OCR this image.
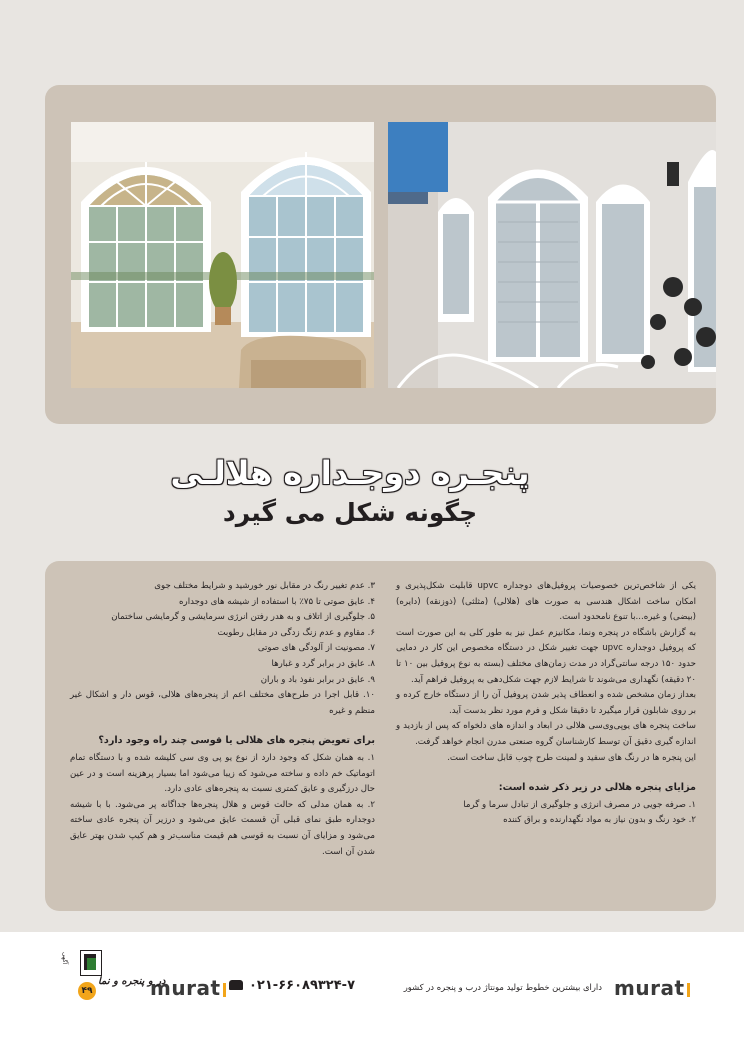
پنجـره دوجـداره هلالـی
چگونه شکل می گیرد

یکی از شاخص‌ترین خصوصیات پروفیل‌های دوجداره upvc قابلیت شکل‌پذیری و امکان ساخت اشکال هندسی به صورت های (هلالی) (مثلثی) (ذوزنقه) (دایره) (بیضی) و غیره...با تنوع نامحدود است.

به گزارش باشگاه در پنجره ونما، مکانیزم عمل نیز به طور کلی به این صورت است که پروفیل دوجداره upvc جهت تغییر شکل در دستگاه مخصوص این کار در دمایی حدود ۱۵۰ درجه سانتی‌گراد در مدت زمان‌های مختلف (بسته به نوع پروفیل بین ۱۰ تا ۲۰ دقیقه) نگهداری می‌شوند تا شرایط لازم جهت شکل‌دهی به پروفیل فراهم آید.

بعداز زمان مشخص شده و انعطاف پذیر شدن پروفیل آن را از دستگاه خارج کرده و بر روی شابلون قرار میگیرد تا دقیقا شکل و فرم مورد نظر بدست آید.

ساخت پنجره های یوپی‌وی‌سی هلالی در ابعاد و اندازه های دلخواه که پس از بازدید و اندازه گیری دقیق آن توسط کارشناسان گروه صنعتی مدرن انجام خواهد گرفت.

این پنجره ها در رنگ های سفید و لمینت طرح چوب قابل ساخت است.

مزایای پنجره هلالی در زیر ذکر شده است:

۱. صرفه جویی در مصرف انرژی و جلوگیری از تبادل سرما و گرما

۲. خود رنگ و بدون نیاز به مواد نگهدارنده و براق کننده

۳. عدم تغییر رنگ در مقابل نور خورشید و شرایط مختلف جوی

۴. عایق صوتی تا ۷۵٪ با استفاده از شیشه های دوجداره

۵. جلوگیری از اتلاف و به هدر رفتن انرژی سرمایشی و گرمایشی ساختمان

۶. مقاوم و عدم زنگ زدگی در مقابل رطوبت

۷. مصونیت از آلودگی های صوتی

۸. عایق در برابر گرد و غبارها

۹. عایق در برابر نفوذ باد و باران

۱۰. قابل اجرا در طرح‌های مختلف اعم از پنجره‌های هلالی، قوس دار و اشکال غیر منظم و غیره

برای تعویض پنجره های هلالی یا قوسی چند راه وجود دارد؟

۱. به همان شکل که وجود دارد از نوع یو پی وی سی کلیشه شده و با دستگاه تمام اتوماتیک خم داده و ساخته می‌شود که زیبا می‌شود اما بسیار پرهزینه است و در عین حال درزگیری و عایق کمتری نسبت به پنجره‌های عادی دارد.

۲. به همان مدلی که حالت قوس و هلال پنجره‌ها جداگانه پر می‌شود. با با شیشه دوجداره طبق نمای قبلی آن قسمت عایق می‌شود و درزیر آن پنجره عادی ساخته می‌شود و مزایای آن نسبت به قوسی هم قیمت مناسب‌تر و هم کیپ شدن بهتر عایق شدن آن است.

murat
دارای بیشترین خطوط تولید مونتاژ درب و پنجره در کشور
۰۲۱-۶۶۰۸۹۳۲۴-۷
murat
در و پنجره و نما
۴۹
آگهی
